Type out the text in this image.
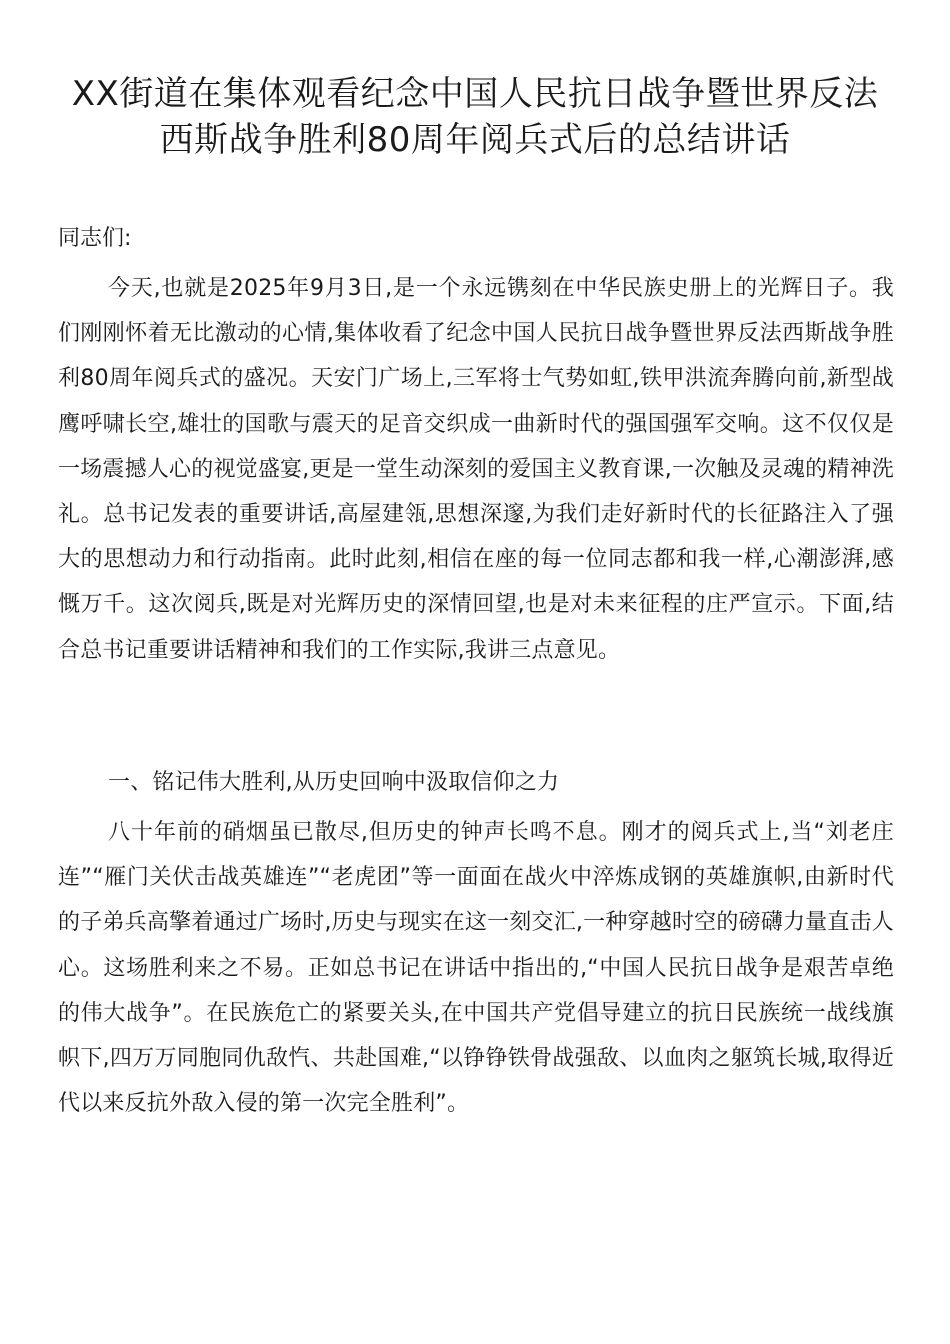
XX街道在集体观看纪念中国人民抗日战争暨世界反法
西斯战争胜利80周年阅兵式后的总结讲话

同志们:

今天,也就是2025年9月3日,是一个永远镌刻在中华民族史册上的光辉日子。我们刚刚怀着无比激动的心情,集体收看了纪念中国人民抗日战争暨世界反法西斯战争胜利80周年阅兵式的盛况。天安门广场上,三军将士气势如虹,铁甲洪流奔腾向前,新型战鹰呼啸长空,雄壮的国歌与震天的足音交织成一曲新时代的强国强军交响。这不仅仅是一场震撼人心的视觉盛宴,更是一堂生动深刻的爱国主义教育课,一次触及灵魂的精神洗礼。总书记发表的重要讲话,高屋建瓴,思想深邃,为我们走好新时代的长征路注入了强大的思想动力和行动指南。此时此刻,相信在座的每一位同志都和我一样,心潮澎湃,感慨万千。这次阅兵,既是对光辉历史的深情回望,也是对未来征程的庄严宣示。下面,结合总书记重要讲话精神和我们的工作实际,我讲三点意见。

一、铭记伟大胜利,从历史回响中汲取信仰之力

八十年前的硝烟虽已散尽,但历史的钟声长鸣不息。刚才的阅兵式上,当“刘老庄连”“雁门关伏击战英雄连”“老虎团”等一面面在战火中淬炼成钢的英雄旗帜,由新时代的子弟兵高擎着通过广场时,历史与现实在这一刻交汇,一种穿越时空的磅礴力量直击人心。这场胜利来之不易。正如总书记在讲话中指出的,“中国人民抗日战争是艰苦卓绝的伟大战争”。在民族危亡的紧要关头,在中国共产党倡导建立的抗日民族统一战线旗帜下,四万万同胞同仇敌忾、共赴国难,“以铮铮铁骨战强敌、以血肉之躯筑长城,取得近代以来反抗外敌入侵的第一次完全胜利”。
